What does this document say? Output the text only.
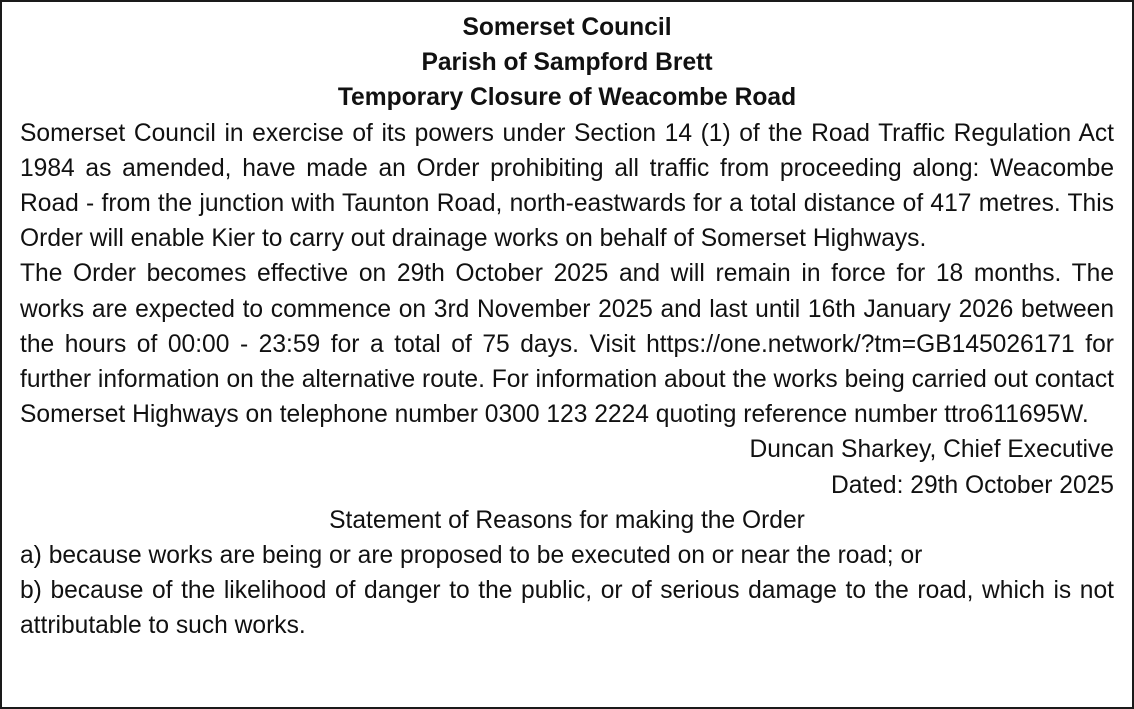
Somerset Council
Parish of Sampford Brett
Temporary Closure of Weacombe Road

Somerset Council in exercise of its powers under Section 14 (1) of the Road Traffic Regulation Act 1984 as amended, have made an Order prohibiting all traffic from proceeding along: Weacombe Road - from the junction with Taunton Road, north-eastwards for a total distance of 417 metres. This Order will enable Kier to carry out drainage works on behalf of Somerset Highways.

The Order becomes effective on 29th October 2025 and will remain in force for 18 months. The works are expected to commence on 3rd November 2025 and last until 16th January 2026 between the hours of 00:00 - 23:59 for a total of 75 days. Visit https://one.network/?tm=GB145026171 for further information on the alternative route. For information about the works being carried out contact Somerset Highways on telephone number 0300 123 2224 quoting reference number ttro611695W.

Duncan Sharkey, Chief Executive
Dated: 29th October 2025
Statement of Reasons for making the Order

a) because works are being or are proposed to be executed on or near the road; or

b) because of the likelihood of danger to the public, or of serious damage to the road, which is not attributable to such works.
